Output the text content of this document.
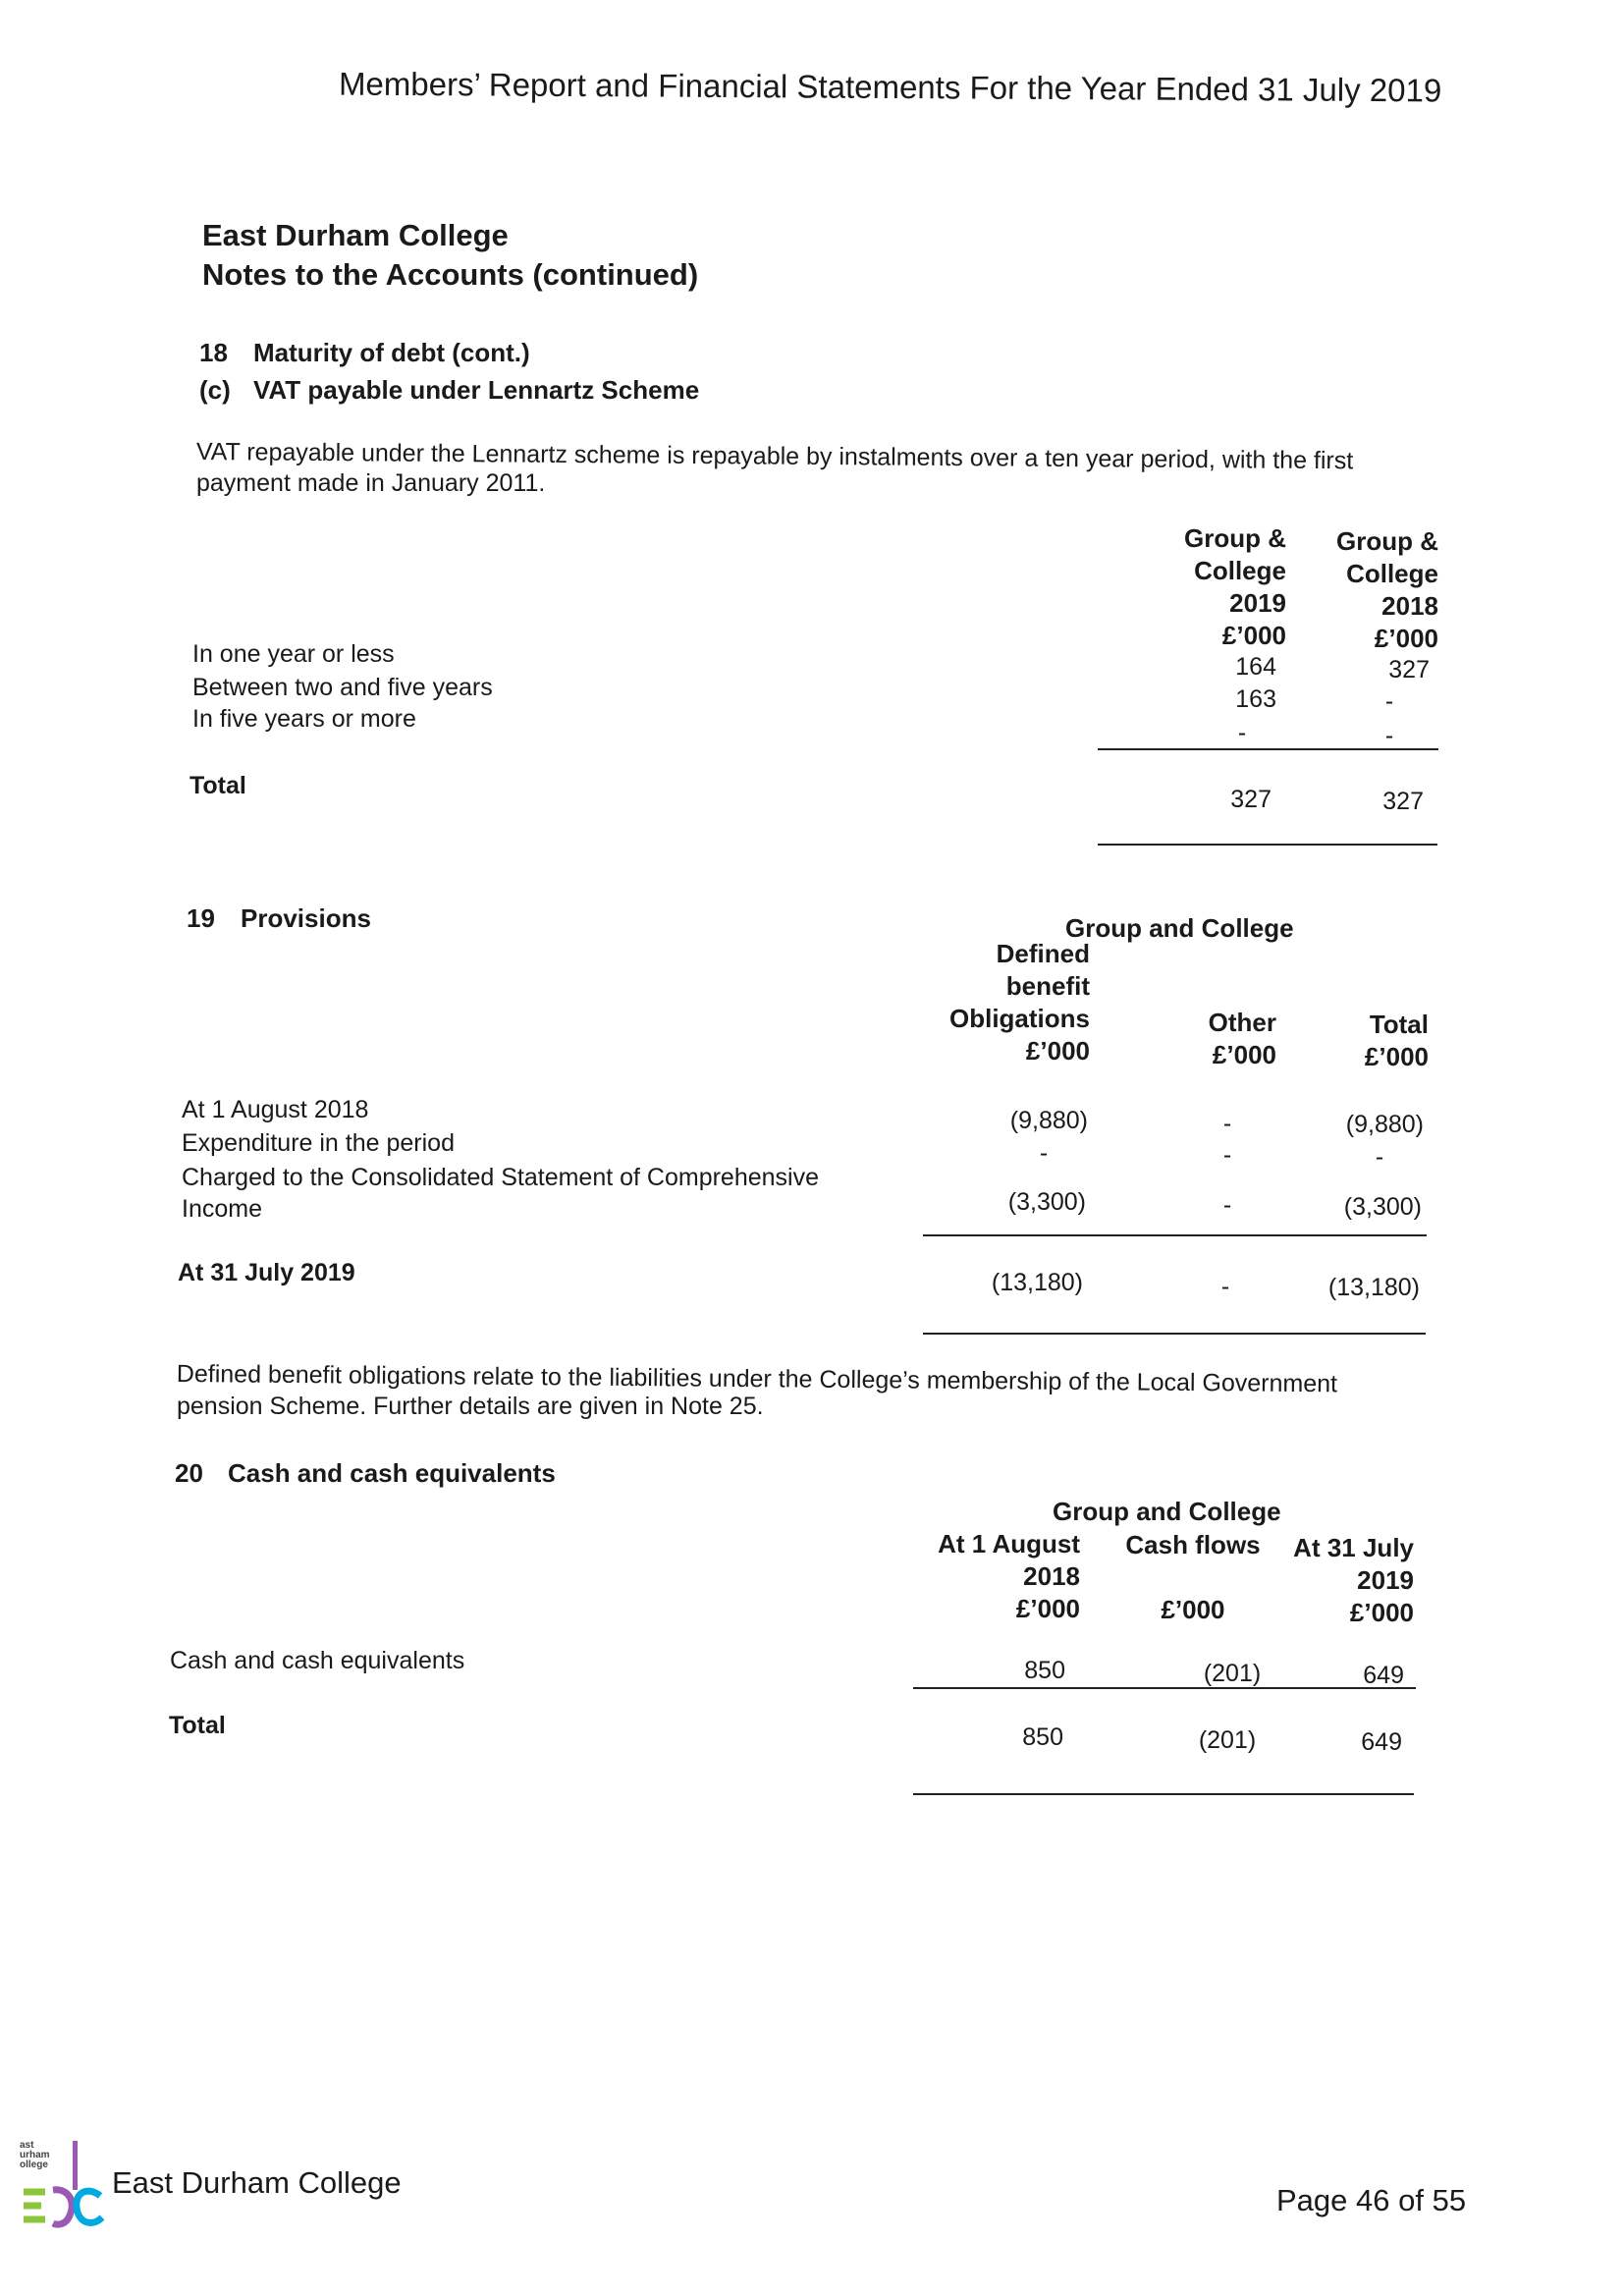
Members’ Report and Financial Statements For the Year Ended 31 July 2019
East Durham College
Notes to the Accounts (continued)
18 Maturity of debt (cont.)
(c) VAT payable under Lennartz Scheme
VAT repayable under the Lennartz scheme is repayable by instalments over a ten year period, with the first
payment made in January 2011.
Group &
College
2019
£’000
Group &
College
2018
£’000
In one year or less	164	327
Between two and five years	163	-
In five years or more	-	-
Total	327	327
19 Provisions	Group and College
Defined
benefit
Obligations
£’000
Other
£’000
Total
£’000
At 1 August 2018	(9,880)	-	(9,880)
Expenditure in the period	-	-	-
Charged to the Consolidated Statement of Comprehensive
Income	(3,300)	-	(3,300)
At 31 July 2019	(13,180)	-	(13,180)
Defined benefit obligations relate to the liabilities under the College’s membership of the Local Government
pension Scheme. Further details are given in Note 25.
20 Cash and cash equivalents
Group and College
At 1 August
2018
£’000
Cash flows
£’000
At 31 July
2019
£’000
Cash and cash equivalents	850	(201)	649
Total	850	(201)	649
ast
urham
ollege
East Durham College
Page 46 of 55
